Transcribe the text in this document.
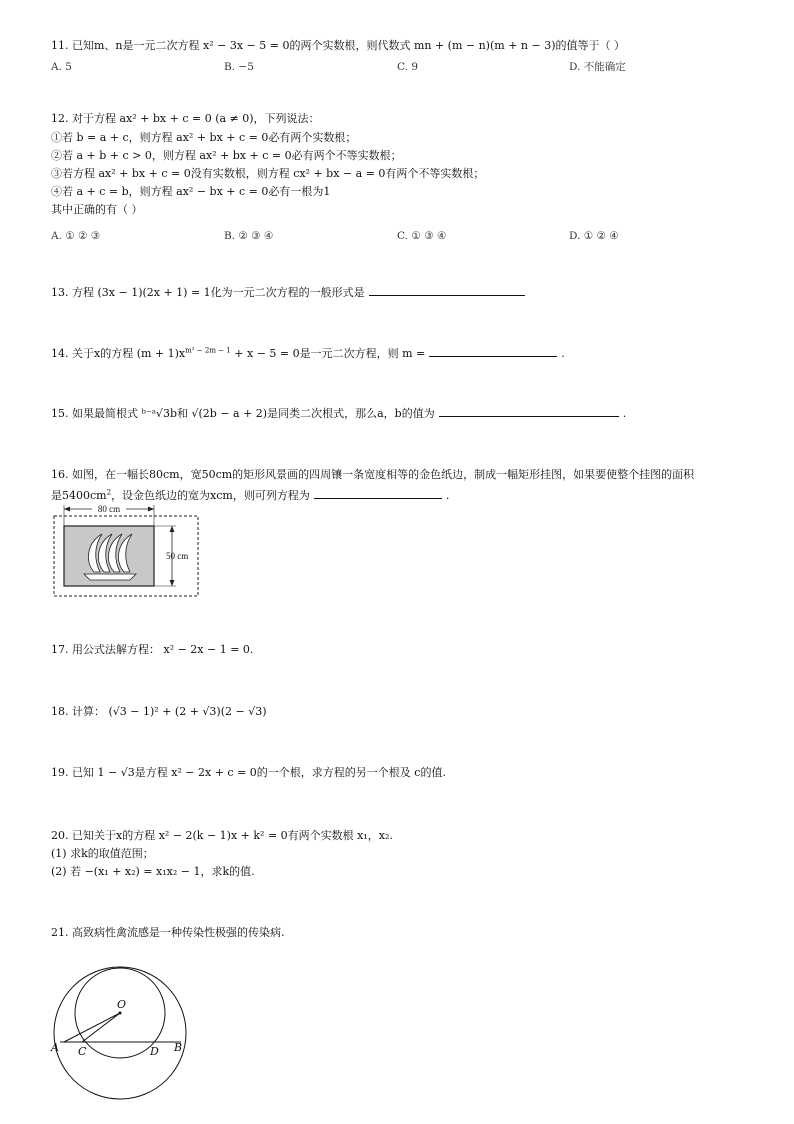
11. 已知m、n是一元二次方程 x² − 3x − 5 = 0的两个实数根，则代数式 mn + (m − n)(m + n − 3)的值等于（ ）
A. 5	B. −5	C. 9	D. 不能确定
12. 对于方程 ax² + bx + c = 0 (a ≠ 0)，下列说法：
①若 b = a + c，则方程 ax² + bx + c = 0必有两个实数根；
②若 a + b + c > 0，则方程 ax² + bx + c = 0必有两个不等实数根；
③若方程 ax² + bx + c = 0没有实数根，则方程 cx² + bx − a = 0有两个不等实数根；
④若 a + c = b，则方程 ax² − bx + c = 0必有一根为1
其中正确的有（ ）
A. ① ② ③	B. ② ③ ④	C. ① ③ ④	D. ① ② ④
13. 方程 (3x − 1)(2x + 1) = 1化为一元二次方程的一般形式是
14. 关于x的方程 $(m + 1)x^{m^2 - 2m - 1} + x - 5 = 0$是一元二次方程，则 m =	.
15. 如果最简根式 ᵇ⁻ᵃ√3b和 √(2b − a + 2)是同类二次根式，那么a，b的值为	.
16. 如图，在一幅长80cm，宽50cm的矩形风景画的四周镶一条宽度相等的金色纸边，制成一幅矩形挂图，如果要使整个挂图的面积
是$5400cm^2$，设金色纸边的宽为xcm，则可列方程为	.
80 cm
50 cm
17. 用公式法解方程： x² − 2x − 1 = 0.
18. 计算： (√3 − 1)² + (2 + √3)(2 − √3)
19. 已知 1 − √3是方程 x² − 2x + c = 0的一个根，求方程的另一个根及 c的值.
20. 已知关于x的方程 x² − 2(k − 1)x + k² = 0有两个实数根 x₁，x₂.
(1) 求k的取值范围；
(2) 若 −(x₁ + x₂) = x₁x₂ − 1，求k的值.
21. 高致病性禽流感是一种传染性极强的传染病.
O
A C	D B
